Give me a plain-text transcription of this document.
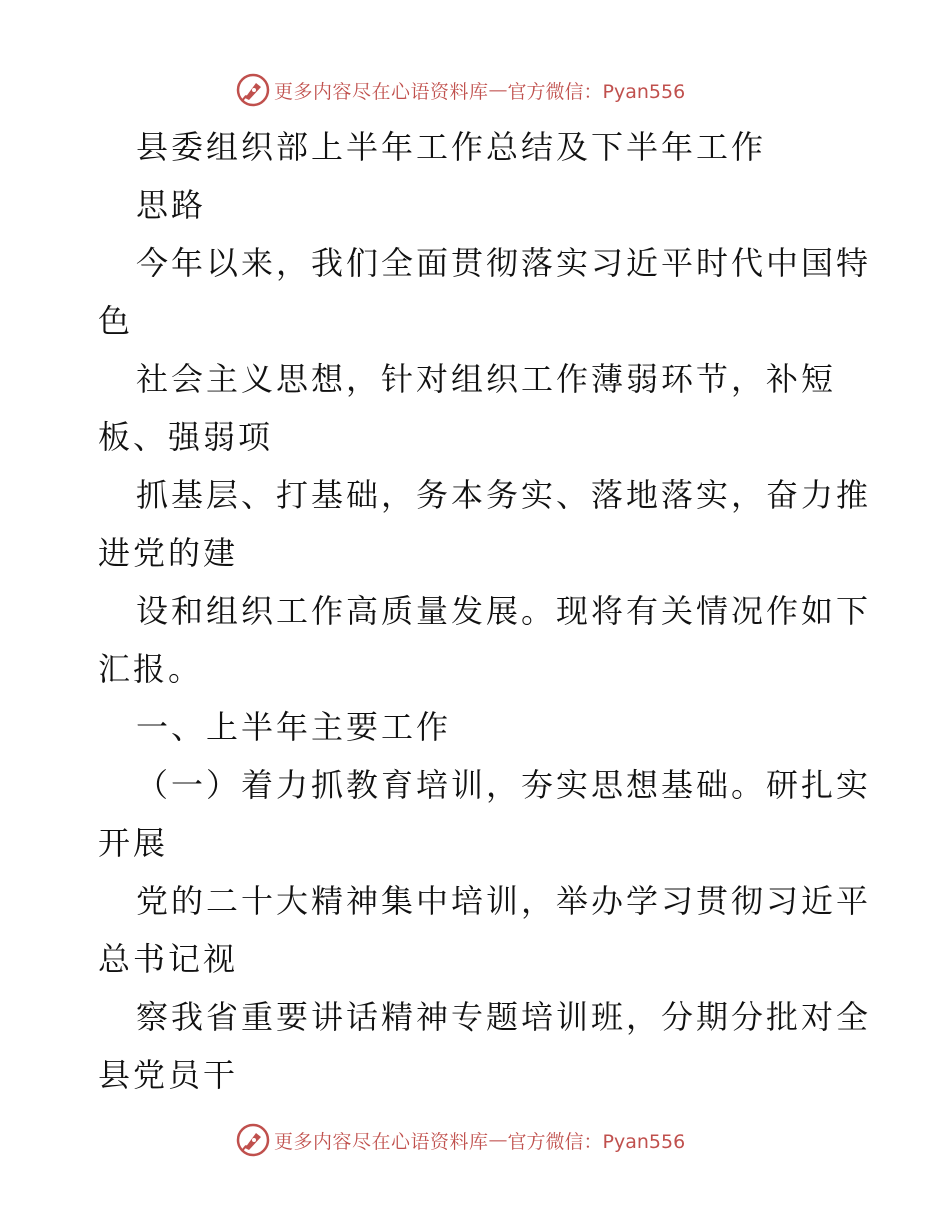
更多内容尽在心语资料库 — 官方微信：Pyan556
县委组织部上半年工作总结及下半年工作
思路
今年以来，我们全面贯彻落实习近平时代中国特
色
社会主义思想，针对组织工作薄弱环节，补短
板、强弱项
抓基层、打基础，务本务实、落地落实，奋力推
进党的建
设和组织工作高质量发展。现将有关情况作如下
汇报。
一、上半年主要工作
（一）着力抓教育培训，夯实思想基础。研扎实
开展
党的二十大精神集中培训，举办学习贯彻习近平
总书记视
察我省重要讲话精神专题培训班，分期分批对全
县党员干
更多内容尽在心语资料库 — 官方微信：Pyan556
